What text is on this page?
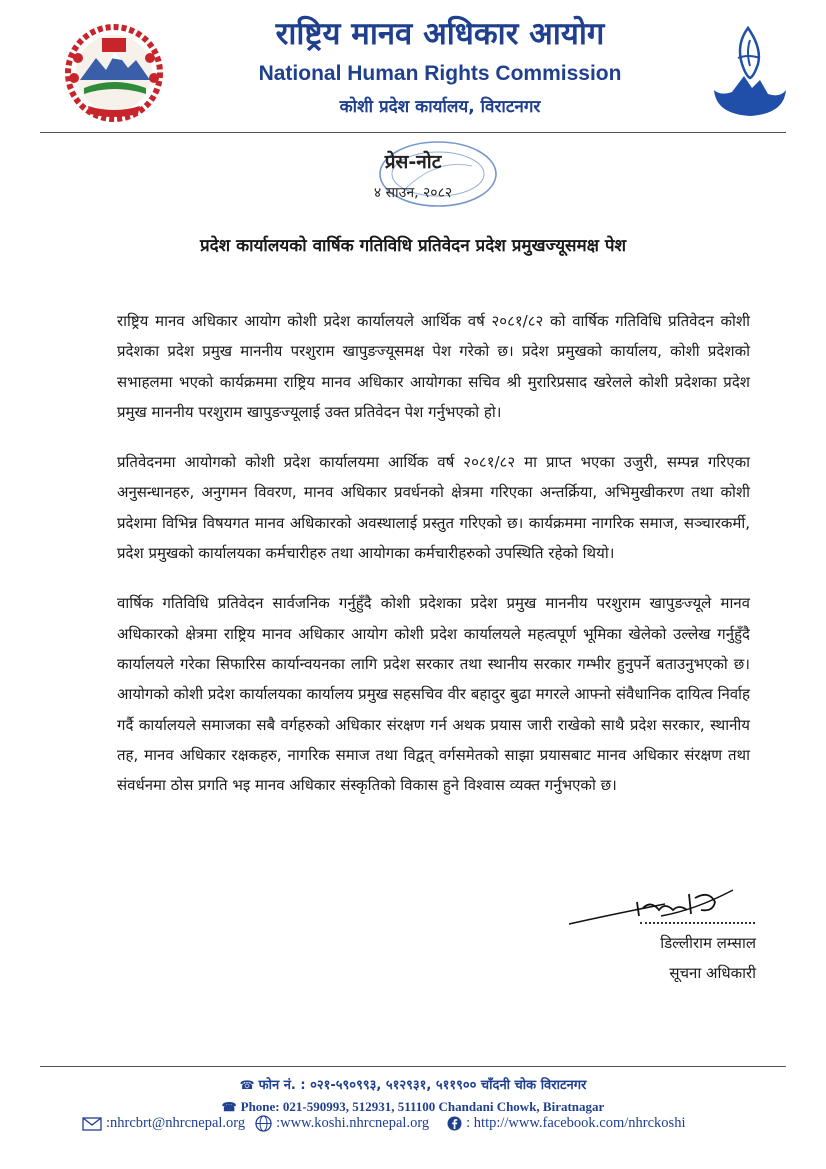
राष्ट्रिय मानव अधिकार आयोग
National Human Rights Commission
कोशी प्रदेश कार्यालय, विराटनगर
प्रेस-नोट
४ साउन, २०८२
प्रदेश कार्यालयको वार्षिक गतिविधि प्रतिवेदन प्रदेश प्रमुखज्यूसमक्ष पेश

राष्ट्रिय मानव अधिकार आयोग कोशी प्रदेश कार्यालयले आर्थिक वर्ष २०८१/८२ को वार्षिक गतिविधि प्रतिवेदन कोशी प्रदेशका प्रदेश प्रमुख माननीय परशुराम खापुङज्यूसमक्ष पेश गरेको छ। प्रदेश प्रमुखको कार्यालय, कोशी प्रदेशको सभाहलमा भएको कार्यक्रममा राष्ट्रिय मानव अधिकार आयोगका सचिव श्री मुरारिप्रसाद खरेलले कोशी प्रदेशका प्रदेश प्रमुख माननीय परशुराम खापुङज्यूलाई उक्त प्रतिवेदन पेश गर्नुभएको हो।

प्रतिवेदनमा आयोगको कोशी प्रदेश कार्यालयमा आर्थिक वर्ष २०८१/८२ मा प्राप्त भएका उजुरी, सम्पन्न गरिएका अनुसन्धानहरु, अनुगमन विवरण, मानव अधिकार प्रवर्धनको क्षेत्रमा गरिएका अन्तर्क्रिया, अभिमुखीकरण तथा कोशी प्रदेशमा विभिन्न विषयगत मानव अधिकारको अवस्थालाई प्रस्तुत गरिएको छ। कार्यक्रममा नागरिक समाज, सञ्चारकर्मी, प्रदेश प्रमुखको कार्यालयका कर्मचारीहरु तथा आयोगका कर्मचारीहरुको उपस्थिति रहेको थियो।

वार्षिक गतिविधि प्रतिवेदन सार्वजनिक गर्नुहुँदै कोशी प्रदेशका प्रदेश प्रमुख माननीय परशुराम खापुङज्यूले मानव अधिकारको क्षेत्रमा राष्ट्रिय मानव अधिकार आयोग कोशी प्रदेश कार्यालयले महत्वपूर्ण भूमिका खेलेको उल्लेख गर्नुहुँदै कार्यालयले गरेका सिफारिस कार्यान्वयनका लागि प्रदेश सरकार तथा स्थानीय सरकार गम्भीर हुनुपर्ने बताउनुभएको छ। आयोगको कोशी प्रदेश कार्यालयका कार्यालय प्रमुख सहसचिव वीर बहादुर बुढा मगरले आफ्नो संवैधानिक दायित्व निर्वाह गर्दै कार्यालयले समाजका सबै वर्गहरुको अधिकार संरक्षण गर्न अथक प्रयास जारी राखेको साथै प्रदेश सरकार, स्थानीय तह, मानव अधिकार रक्षकहरु, नागरिक समाज तथा विद्वत् वर्गसमेतको साझा प्रयासबाट मानव अधिकार संरक्षण तथा संवर्धनमा ठोस प्रगति भइ मानव अधिकार संस्कृतिको विकास हुने विश्वास व्यक्त गर्नुभएको छ।

डिल्लीराम लम्साल
सूचना अधिकारी
☎ फोन नं. : ०२१-५९०९९३, ५१२९३१, ५११९०० चाँदनी चोक विराटनगर
☎ Phone: 021-590993, 512931, 511100 Chandani Chowk, Biratnagar
:nhrcbrt@nhrcnepal.org :www.koshi.nhrcnepal.org	: http://www.facebook.com/nhrckoshi
